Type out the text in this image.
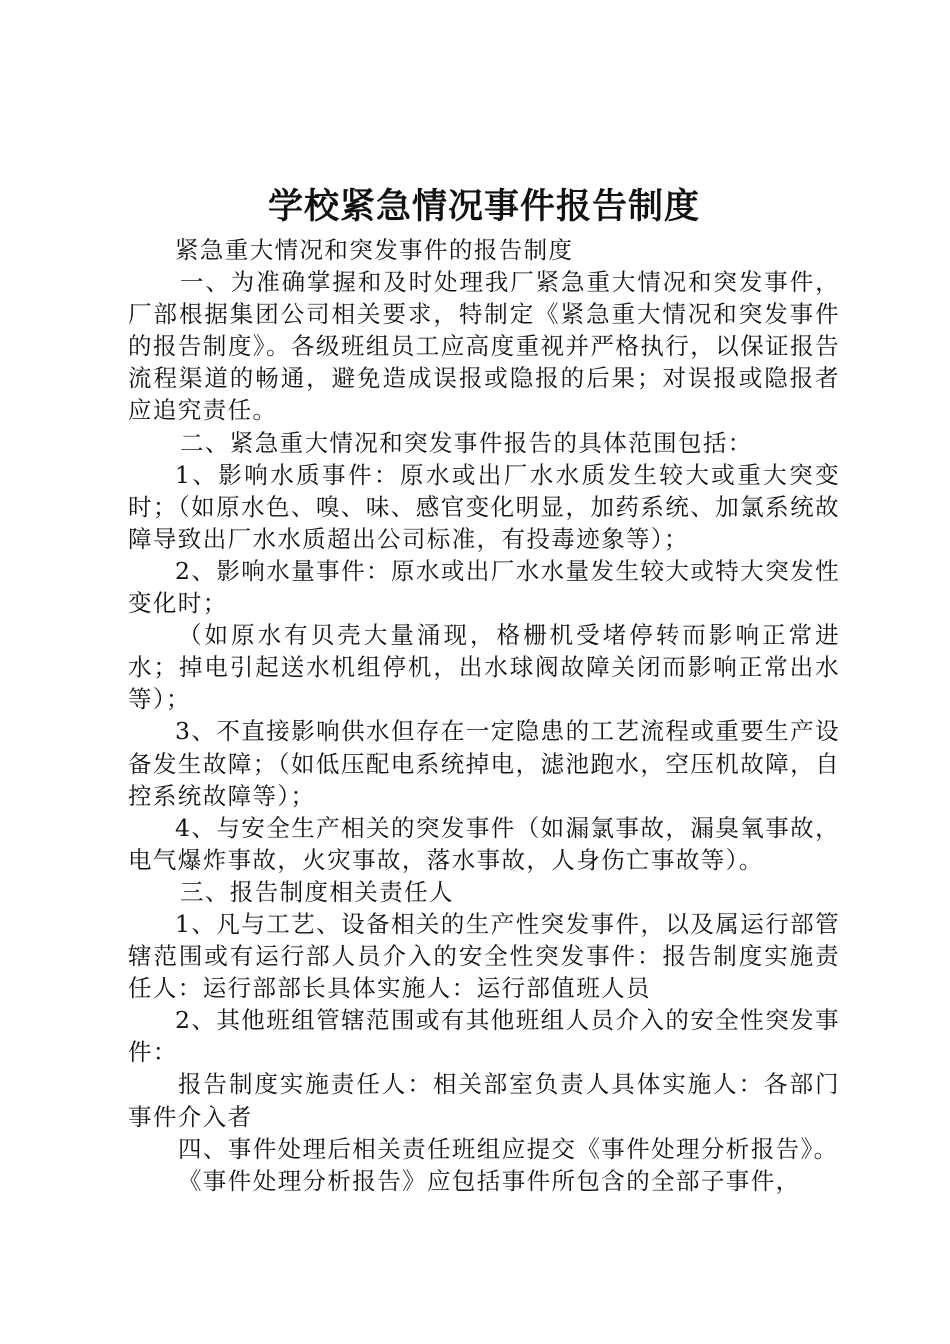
学校紧急情况事件报告制度

紧急重大情况和突发事件的报告制度

一、为准确掌握和及时处理我厂紧急重大情况和突发事件，厂部根据集团公司相关要求，特制定《紧急重大情况和突发事件的报告制度》。各级班组员工应高度重视并严格执行，以保证报告流程渠道的畅通，避免造成误报或隐报的后果；对误报或隐报者应追究责任。

二、紧急重大情况和突发事件报告的具体范围包括：

1、影响水质事件：原水或出厂水水质发生较大或重大突变时；（如原水色、嗅、味、感官变化明显，加药系统、加氯系统故障导致出厂水水质超出公司标准，有投毒迹象等）；

2、影响水量事件：原水或出厂水水量发生较大或特大突发性变化时；

（如原水有贝壳大量涌现，格栅机受堵停转而影响正常进水；掉电引起送水机组停机，出水球阀故障关闭而影响正常出水等）；

3、不直接影响供水但存在一定隐患的工艺流程或重要生产设备发生故障；（如低压配电系统掉电，滤池跑水，空压机故障，自控系统故障等）；

4、与安全生产相关的突发事件（如漏氯事故，漏臭氧事故，电气爆炸事故，火灾事故，落水事故，人身伤亡事故等）。

三、报告制度相关责任人

1、凡与工艺、设备相关的生产性突发事件，以及属运行部管辖范围或有运行部人员介入的安全性突发事件：报告制度实施责任人：运行部部长具体实施人：运行部值班人员

2、其他班组管辖范围或有其他班组人员介入的安全性突发事件：

报告制度实施责任人：相关部室负责人具体实施人：各部门事件介入者

四、事件处理后相关责任班组应提交《事件处理分析报告》。

《事件处理分析报告》应包括事件所包含的全部子事件，
